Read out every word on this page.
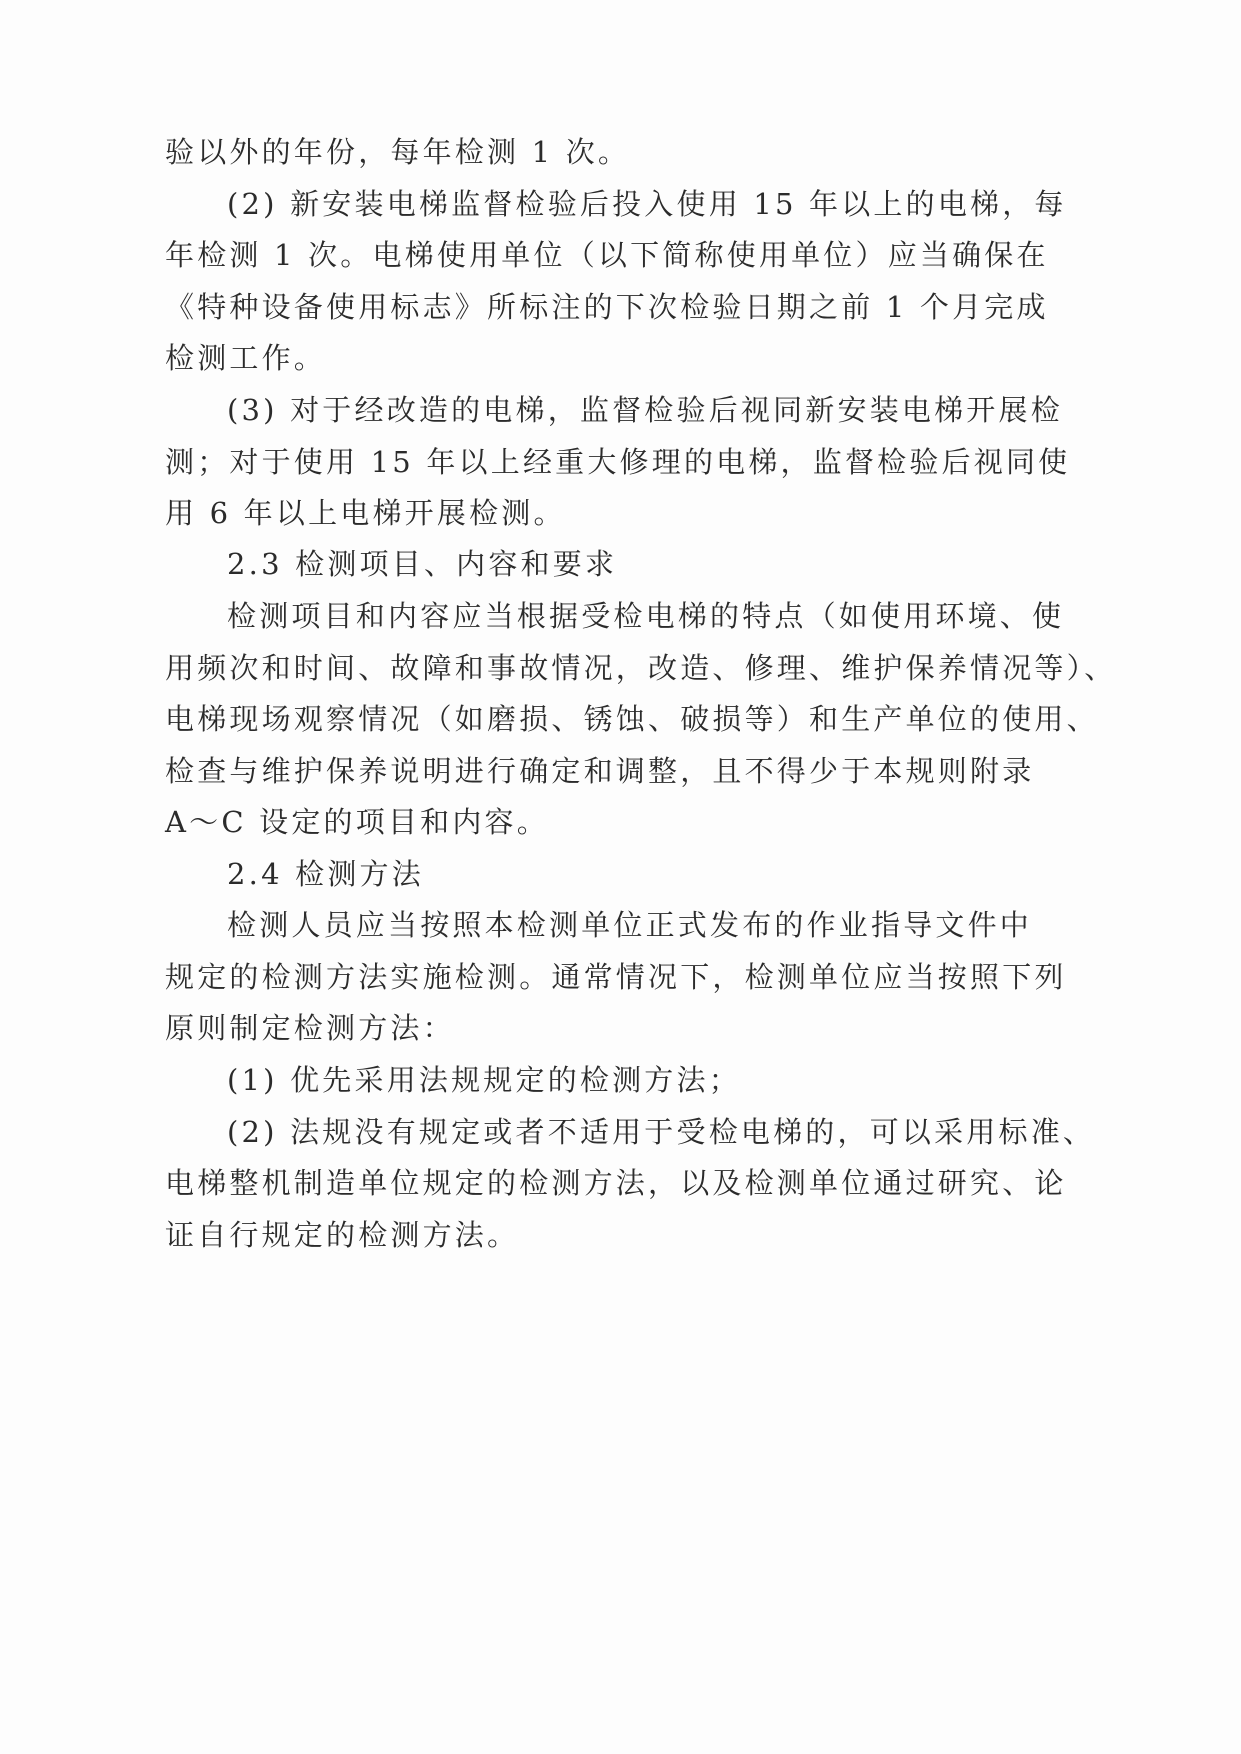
验以外的年份，每年检测 1 次。
(2) 新安装电梯监督检验后投入使用 15 年以上的电梯，每
年检测 1 次。电梯使用单位（以下简称使用单位）应当确保在
《特种设备使用标志》所标注的下次检验日期之前 1 个月完成
检测工作。
(3) 对于经改造的电梯，监督检验后视同新安装电梯开展检
测；对于使用 15 年以上经重大修理的电梯，监督检验后视同使
用 6 年以上电梯开展检测。
2.3 检测项目、内容和要求
检测项目和内容应当根据受检电梯的特点（如使用环境、使
用频次和时间、故障和事故情况，改造、修理、维护保养情况等）、
电梯现场观察情况（如磨损、锈蚀、破损等）和生产单位的使用、
检查与维护保养说明进行确定和调整，且不得少于本规则附录
A～C 设定的项目和内容。
2.4 检测方法
检测人员应当按照本检测单位正式发布的作业指导文件中
规定的检测方法实施检测。通常情况下，检测单位应当按照下列
原则制定检测方法：
(1) 优先采用法规规定的检测方法；
(2) 法规没有规定或者不适用于受检电梯的，可以采用标准、
电梯整机制造单位规定的检测方法，以及检测单位通过研究、论
证自行规定的检测方法。
